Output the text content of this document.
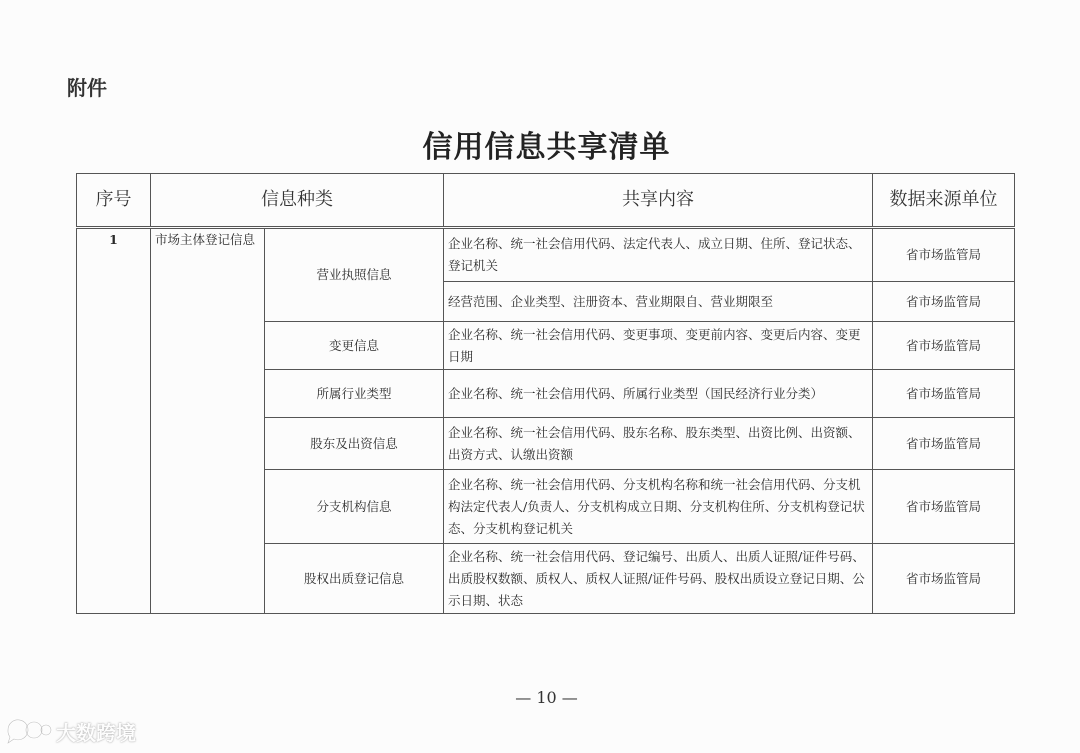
附件
信用信息共享清单
序号	信息种类		共享内容	数据来源单位
1	市场主体登记信息	营业执照信息	企业名称、统一社会信用代码、法定代表人、成立日期、住所、登记状态、登记机关	省市场监管局
			经营范围、企业类型、注册资本、营业期限自、营业期限至	省市场监管局
		变更信息	企业名称、统一社会信用代码、变更事项、变更前内容、变更后内容、变更日期	省市场监管局
		所属行业类型	企业名称、统一社会信用代码、所属行业类型（国民经济行业分类）	省市场监管局
		股东及出资信息	企业名称、统一社会信用代码、股东名称、股东类型、出资比例、出资额、出资方式、认缴出资额	省市场监管局
		分支机构信息	企业名称、统一社会信用代码、分支机构名称和统一社会信用代码、分支机构法定代表人/负责人、分支机构成立日期、分支机构住所、分支机构登记状态、分支机构登记机关	省市场监管局
		股权出质登记信息	企业名称、统一社会信用代码、登记编号、出质人、出质人证照/证件号码、出质股权数额、质权人、质权人证照/证件号码、股权出质设立登记日期、公示日期、状态	省市场监管局
— 10 —
大数跨境
